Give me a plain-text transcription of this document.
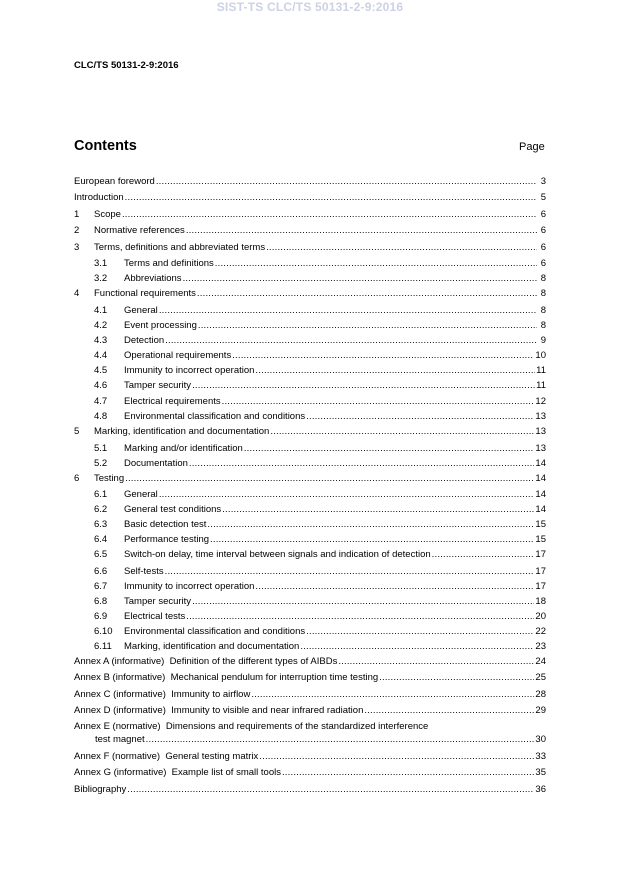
SIST-TS CLC/TS 50131-2-9:2016
CLC/TS 50131-2-9:2016
Contents	Page
European foreword .....	3
Introduction .....	5
1	Scope .....	6
2	Normative references .....	6
3	Terms, definitions and abbreviated terms .....	6
3.1	Terms and definitions .....	6
3.2	Abbreviations .....	8
4	Functional requirements .....	8
4.1	General .....	8
4.2	Event processing .....	8
4.3	Detection .....	9
4.4	Operational requirements .....	10
4.5	Immunity to incorrect operation .....	11
4.6	Tamper security .....	11
4.7	Electrical requirements .....	12
4.8	Environmental classification and conditions .....	13
5	Marking, identification and documentation .....	13
5.1	Marking and/or identification .....	13
5.2	Documentation .....	14
6	Testing .....	14
6.1	General .....	14
6.2	General test conditions .....	14
6.3	Basic detection test .....	15
6.4	Performance testing .....	15
6.5	Switch-on delay, time interval between signals and indication of detection .....	17
6.6	Self-tests .....	17
6.7	Immunity to incorrect operation .....	17
6.8	Tamper security .....	18
6.9	Electrical tests .....	20
6.10	Environmental classification and conditions .....	22
6.11	Marking, identification and documentation .....	23
Annex A (informative)  Definition of the different types of AIBDs .....	24
Annex B (informative)  Mechanical pendulum for interruption time testing .....	25
Annex C (informative)  Immunity to airflow .....	28
Annex D (informative)  Immunity to visible and near infrared radiation .....	29
Annex E (normative)  Dimensions and requirements of the standardized interference
test magnet .....	30
Annex F (normative)  General testing matrix .....	33
Annex G (informative)  Example list of small tools .....	35
Bibliography .....	36
